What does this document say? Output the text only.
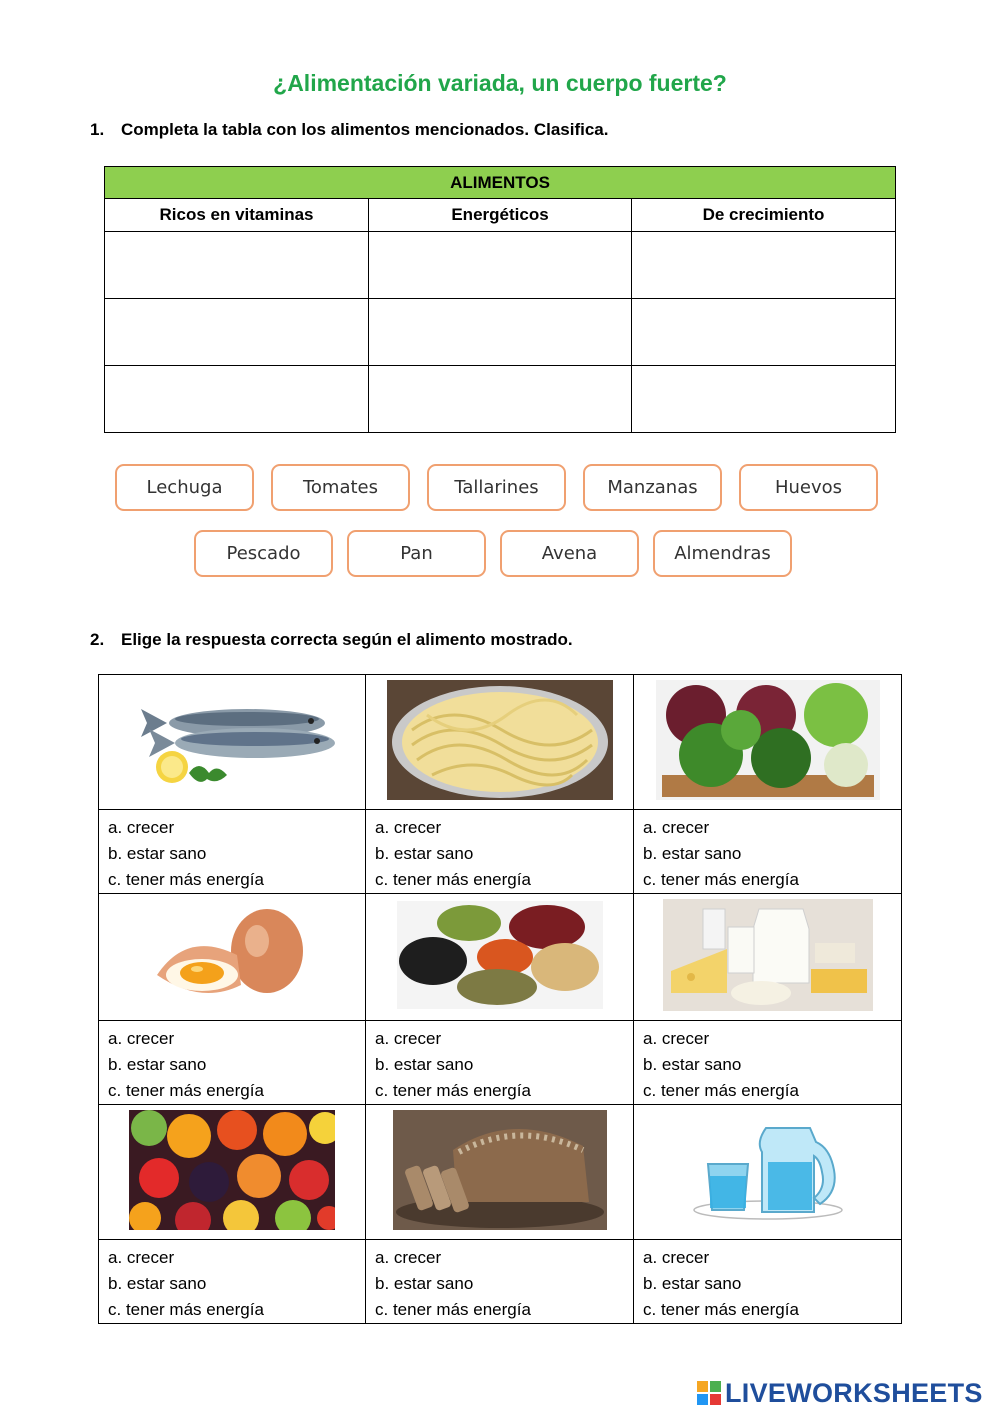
¿Alimentación variada, un cuerpo fuerte?
1. Completa la tabla con los alimentos mencionados. Clasifica.
ALIMENTOS		
Ricos en vitaminas	Energéticos	De crecimiento

Lechuga	Tomates	Tallarines	Manzanas	Huevos
Pescado	Pan	Avena	Almendras
2. Elige la respuesta correcta según el alimento mostrado.

a. crecer
b. estar sano
c. tener más energía	a. crecer
b. estar sano
c. tener más energía	a. crecer
b. estar sano
c. tener más energía

a. crecer
b. estar sano
c. tener más energía	a. crecer
b. estar sano
c. tener más energía	a. crecer
b. estar sano
c. tener más energía

a. crecer
b. estar sano
c. tener más energía	a. crecer
b. estar sano
c. tener más energía	a. crecer
b. estar sano
c. tener más energía
LIVEWORKSHEETS
